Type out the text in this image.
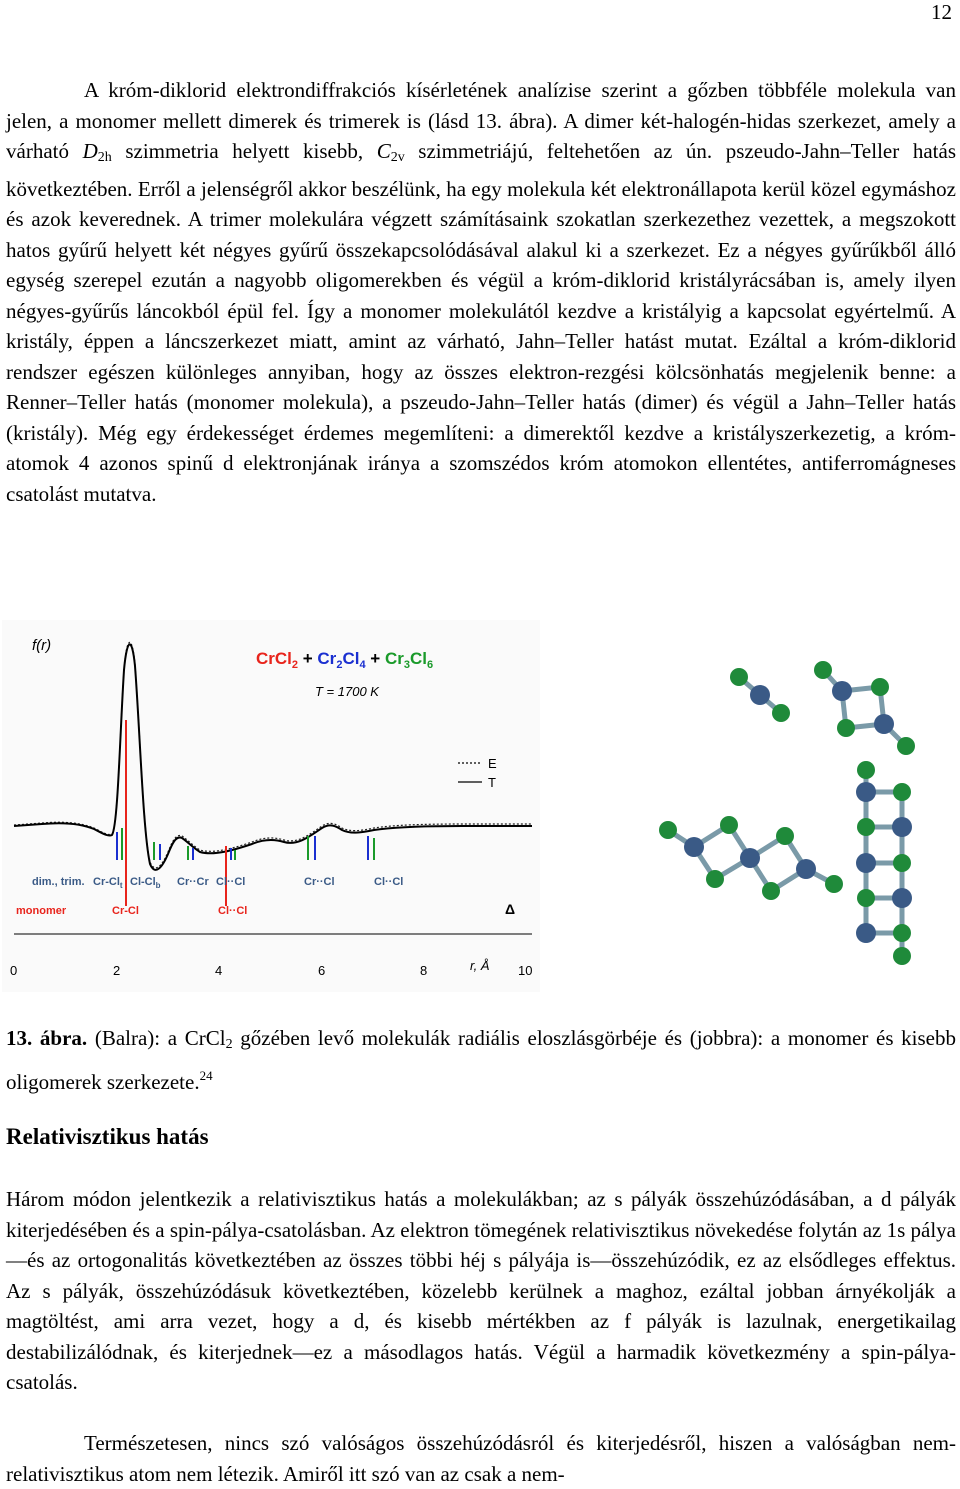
12

A króm-diklorid elektrondiffrakciós kísérletének analízise szerint a gőzben többféle molekula van jelen, a monomer mellett dimerek és trimerek is (lásd 13. ábra). A dimer két-halogén-hidas szerkezet, amely a várható $D_{2h}$ szimmetria helyett kisebb, $C_{2v}$ szimmetriájú, feltehetően az ún. pszeudo-Jahn–Teller hatás következtében. Erről a jelenségről akkor beszélünk, ha egy molekula két elektronállapota kerül közel egymáshoz és azok keverednek. A trimer molekulára végzett számításaink szokatlan szerkezethez vezettek, a megszokott hatos gyűrű helyett két négyes gyűrű összekapcsolódásával alakul ki a szerkezet. Ez a négyes gyűrűkből álló egység szerepel ezután a nagyobb oligomerekben és végül a króm-diklorid kristályrácsában is, amely ilyen négyes-gyűrűs láncokból épül fel. Így a monomer molekulától kezdve a kristályig a kapcsolat egyértelmű. A kristály, éppen a láncszerkezet miatt, amint az várható, Jahn–Teller hatást mutat. Ezáltal a króm-diklorid rendszer egészen különleges annyiban, hogy az összes elektron-rezgési kölcsönhatás megjelenik benne: a Renner–Teller hatás (monomer molekula), a pszeudo-Jahn–Teller hatás (dimer) és végül a Jahn–Teller hatás (kristály). Még egy érdekességet érdemes megemlíteni: a dimerektől kezdve a kristályszerkezetig, a króm-atomok 4 azonos spinű d elektronjának iránya a szomszédos króm atomokon ellentétes, antiferromágneses csatolást mutatva.

f(r)
CrCl$_2$ + $Cr_2Cl_4 + Cr_3Cl_6$
T = 1700 K
E
T
dim., trim. $Cr-Cl_t$ $Cl-Cl_b$ Cr··Cr Cl··Cl	Cr··Cl	Cl··Cl
monomer	Cr-Cl	Cl··Cl	Δ
0	2	4	6	8	r, Å 10

13. ábra. (Balra): a CrCl$_2$ gőzében levő molekulák radiális eloszlásgörbéje és (jobbra): a monomer és kisebb oligomerek szerkezete.$^{24}$

Relativisztikus hatás

Három módon jelentkezik a relativisztikus hatás a molekulákban; az s pályák összehúzódásában, a d pályák kiterjedésében és a spin-pálya-csatolásban. Az elektron tömegének relativisztikus növekedése folytán az 1s pálya—és az ortogonalitás következtében az összes többi héj s pályája is—összehúzódik, ez az elsődleges effektus. Az s pályák, összehúzódásuk következtében, közelebb kerülnek a maghoz, ezáltal jobban árnyékolják a magtöltést, ami arra vezet, hogy a d, és kisebb mértékben az f pályák is lazulnak, energetikailag destabilizálódnak, és kiterjednek—ez a másodlagos hatás. Végül a harmadik következmény a spin-pálya-csatolás.

Természetesen, nincs szó valóságos összehúzódásról és kiterjedésről, hiszen a valóságban nem-relativisztikus atom nem létezik. Amiről itt szó van az csak a nem-
